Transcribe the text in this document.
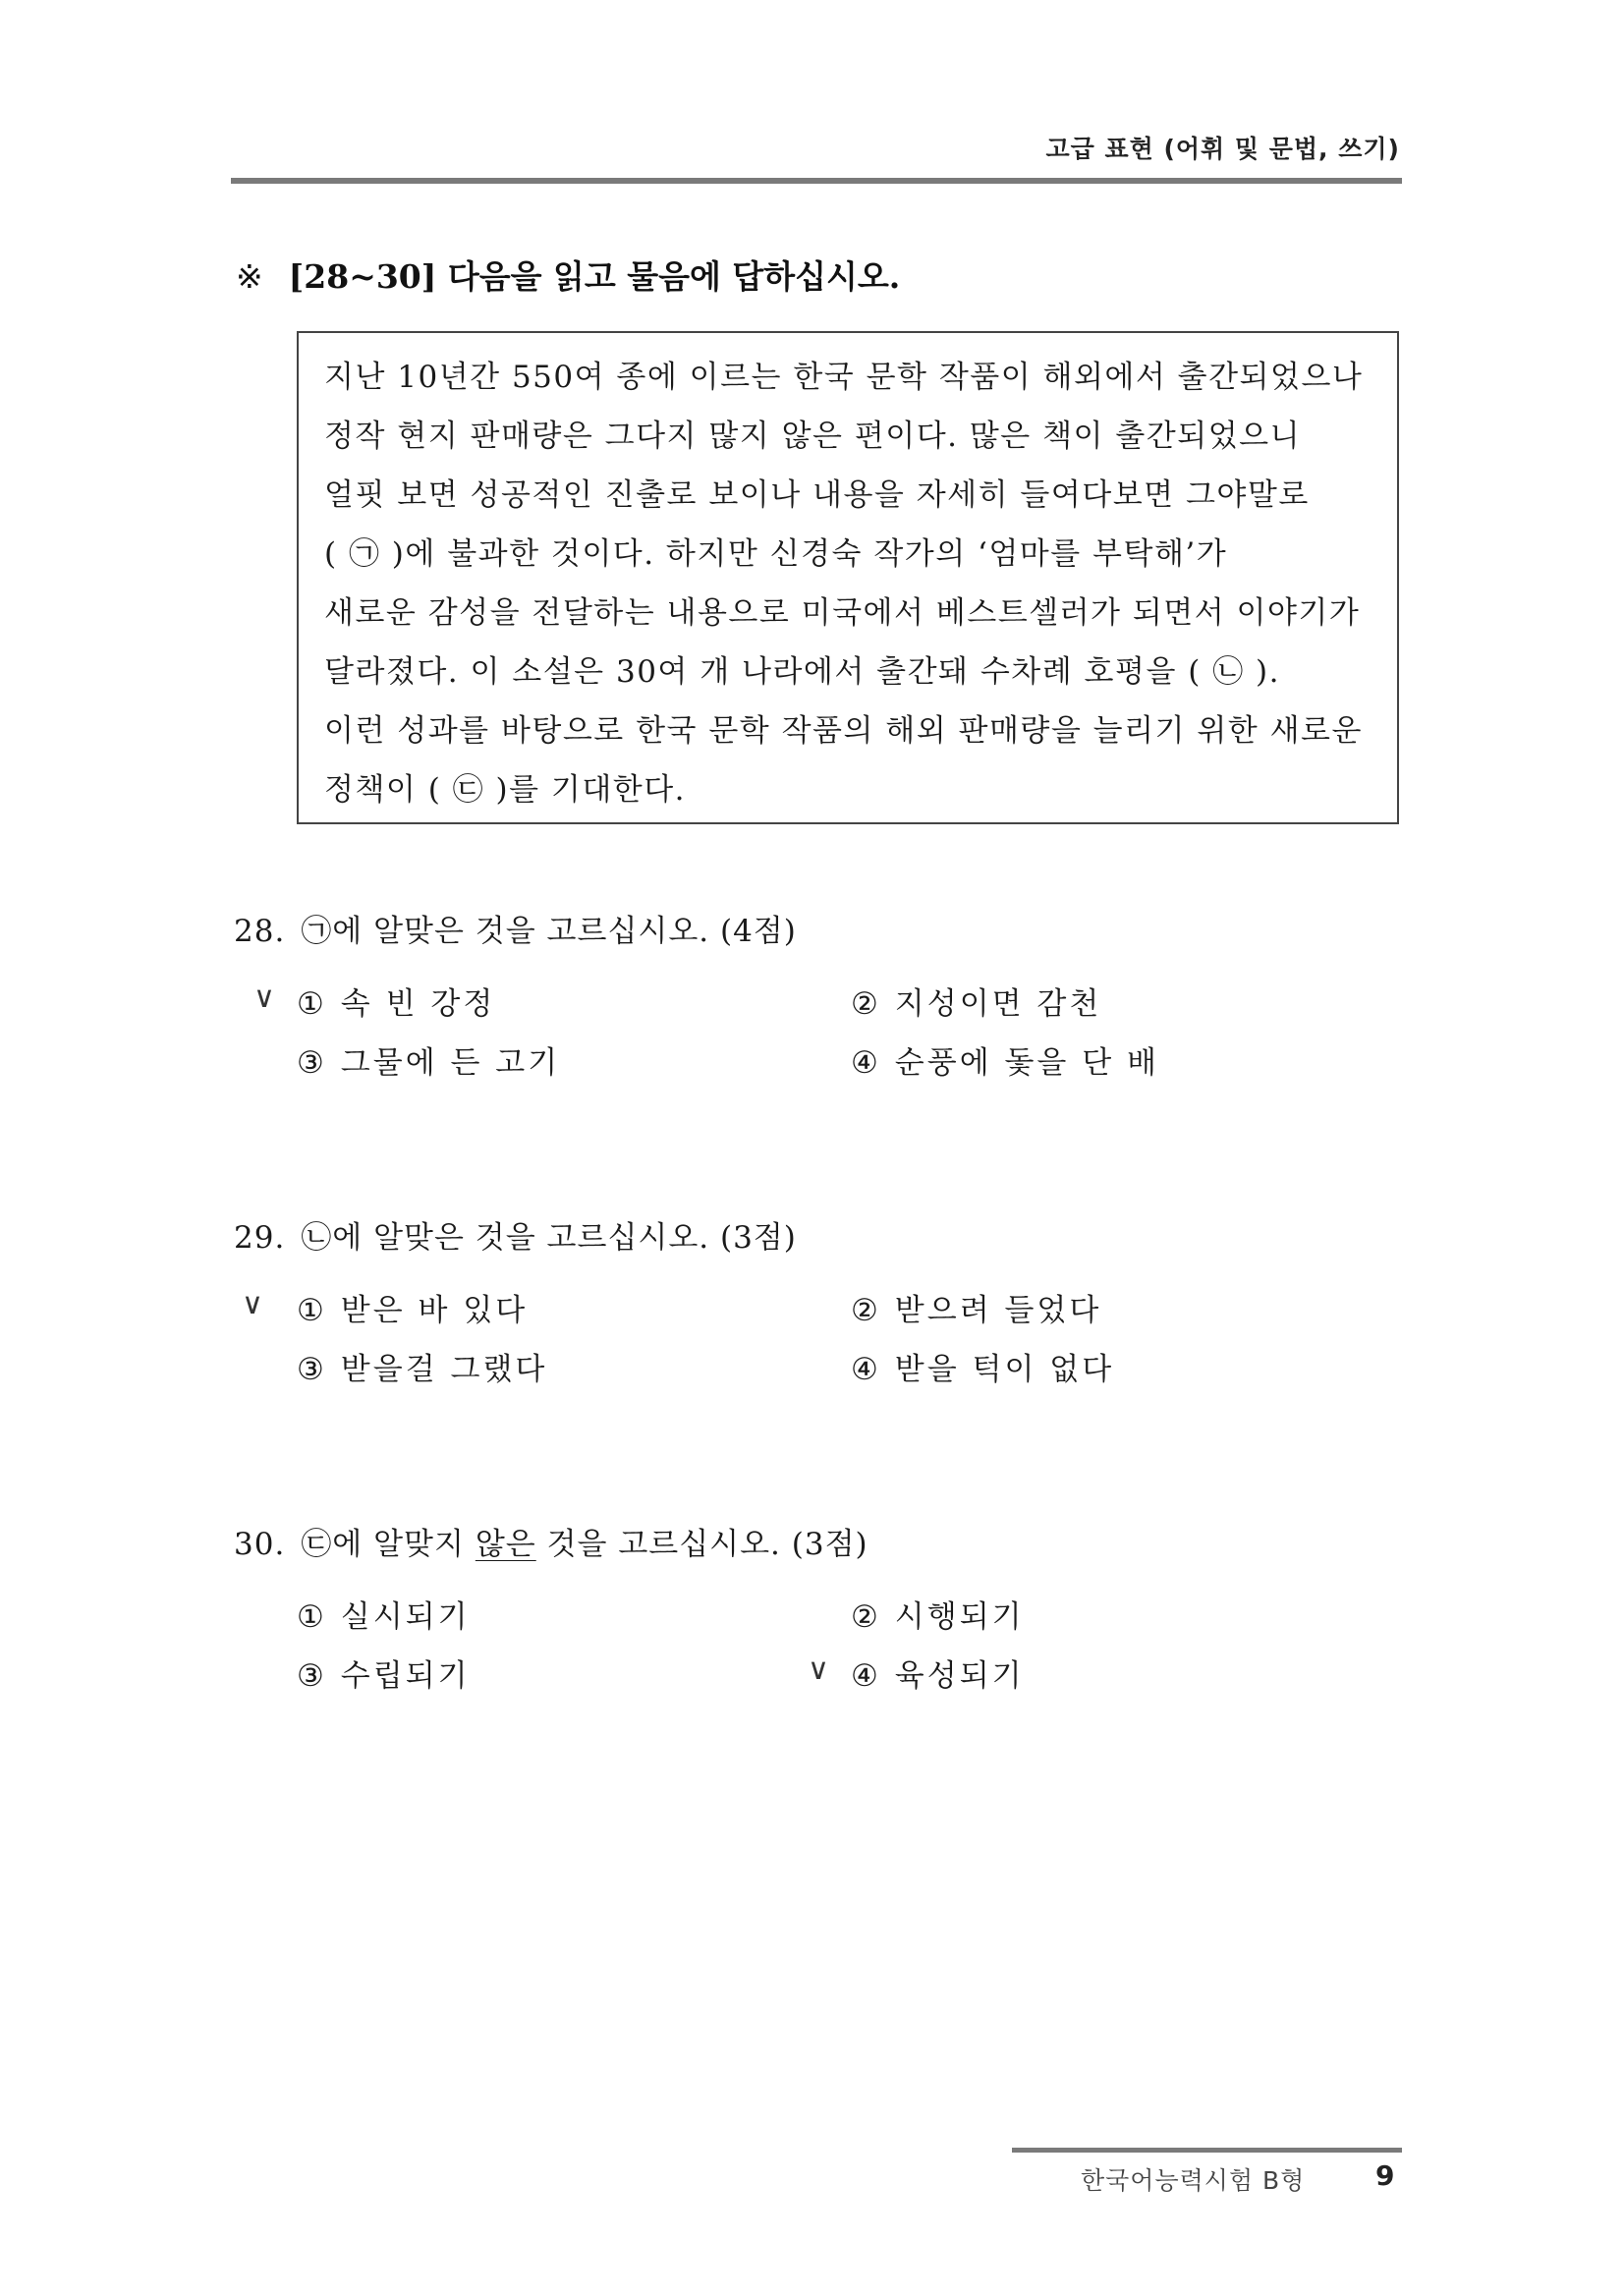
고급 표현 (어휘 및 문법, 쓰기)
※ [28~30] 다음을 읽고 물음에 답하십시오.
지난 10년간 550여 종에 이르는 한국 문학 작품이 해외에서 출간되었으나
정작 현지 판매량은 그다지 많지 않은 편이다. 많은 책이 출간되었으니
얼핏 보면 성공적인 진출로 보이나 내용을 자세히 들여다보면 그야말로
( ㉠ )에 불과한 것이다. 하지만 신경숙 작가의 ‘엄마를 부탁해’가
새로운 감성을 전달하는 내용으로 미국에서 베스트셀러가 되면서 이야기가
달라졌다. 이 소설은 30여 개 나라에서 출간돼 수차례 호평을 ( ㉡ ).
이런 성과를 바탕으로 한국 문학 작품의 해외 판매량을 늘리기 위한 새로운
정책이 ( ㉢ )를 기대한다.
28. ㉠에 알맞은 것을 고르십시오. (4점)
∨ ① 속 빈 강정	② 지성이면 감천
③ 그물에 든 고기	④ 순풍에 돛을 단 배
29. ㉡에 알맞은 것을 고르십시오. (3점)
∨ ① 받은 바 있다	② 받으려 들었다
③ 받을걸 그랬다	④ 받을 턱이 없다
30. ㉢에 알맞지 않은 것을 고르십시오. (3점)
① 실시되기	② 시행되기
③ 수립되기	∨ ④ 육성되기
한국어능력시험 B형	9
